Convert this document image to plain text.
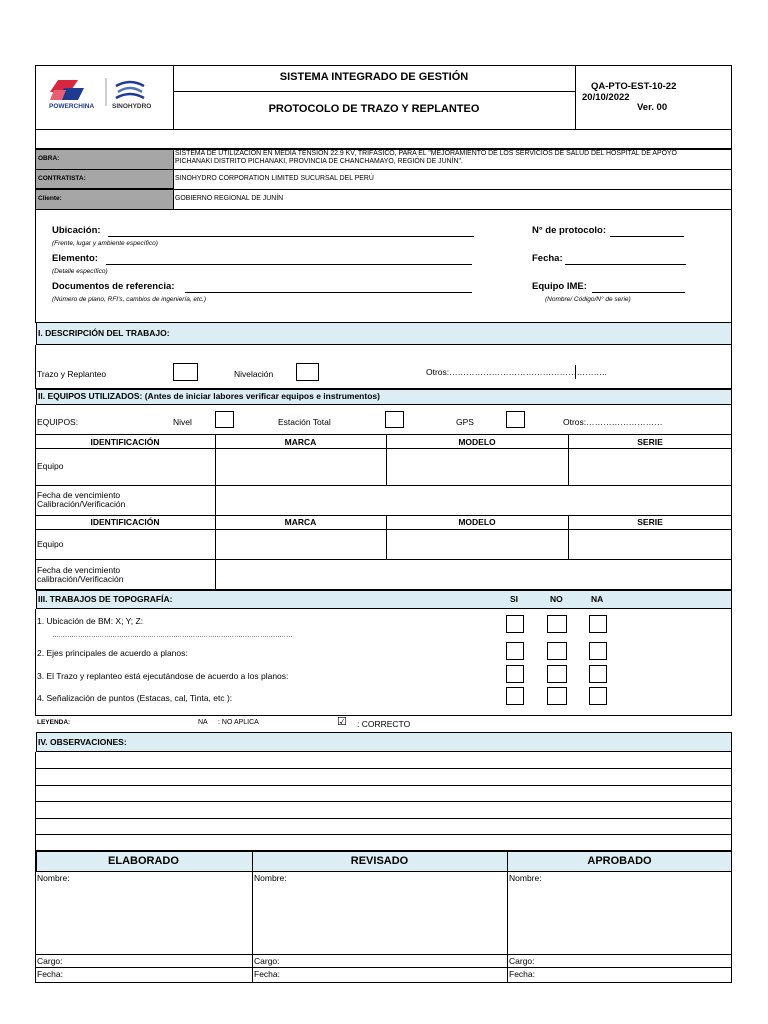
POWERCHINA	SINOHYDRO
SISTEMA INTEGRADO DE GESTIÓN
PROTOCOLO DE TRAZO Y REPLANTEO
QA-PTO-EST-10-22
20/10/2022
Ver. 00
OBRA:
SISTEMA DE UTILIZACIÓN EN MEDIA TENSIÓN 22.9 KV, TRIFÁSICO, PARA EL "MEJORAMIENTO DE LOS SERVICIOS DE SALUD DEL HOSPITAL DE APOYO
PICHANAKI DISTRITO PICHANAKI, PROVINCIA DE CHANCHAMAYO, REGIÓN DE JUNÍN".
CONTRATISTA:	SINOHYDRO CORPORATION LIMITED SUCURSAL DEL PERÚ
Cliente:	GOBIERNO REGIONAL DE JUNÍN
Ubicación:
(Frente, lugar y ambiente específico)
Elemento:
(Detalle específico)
Documentos de referencia:
(Número de plano, RFI's, cambios de ingeniería, etc.)
N° de protocolo:
Fecha:
Equipo IME:
(Nombre/ Código/N° de serie)
I. DESCRIPCIÓN DEL TRABAJO:
Trazo y Replanteo	Nivelación	Otros:………………………………………………..
II. EQUIPOS UTILIZADOS: (Antes de iniciar labores verificar equipos e instrumentos)
EQUIPOS:	Nivel	Estación Total	GPS	Otros:………………………
IDENTIFICACIÓN	MARCA	MODELO	SERIE
Equipo
Fecha de vencimiento
Calibración/Verificación
IDENTIFICACIÓN	MARCA	MODELO	SERIE
Equipo
Fecha de vencimiento
calibración/Verificación
III. TRABAJOS DE TOPOGRAFÍA:	SI	NO	NA
1. Ubicación de BM: X; Y; Z:
…………………………………………………………………………………………………
2. Ejes principales de acuerdo a planos:
3. El Trazo y replanteo está ejecutándose de acuerdo a los planos:
4. Señalización de puntos (Estacas, cal, Tinta, etc ):
LEYENDA:	NA : NO APLICA	☑ : CORRECTO
IV. OBSERVACIONES:
ELABORADO	REVISADO	APROBADO
Nombre:	Nombre:	Nombre:
Cargo:	Cargo:	Cargo:
Fecha:	Fecha:	Fecha:
